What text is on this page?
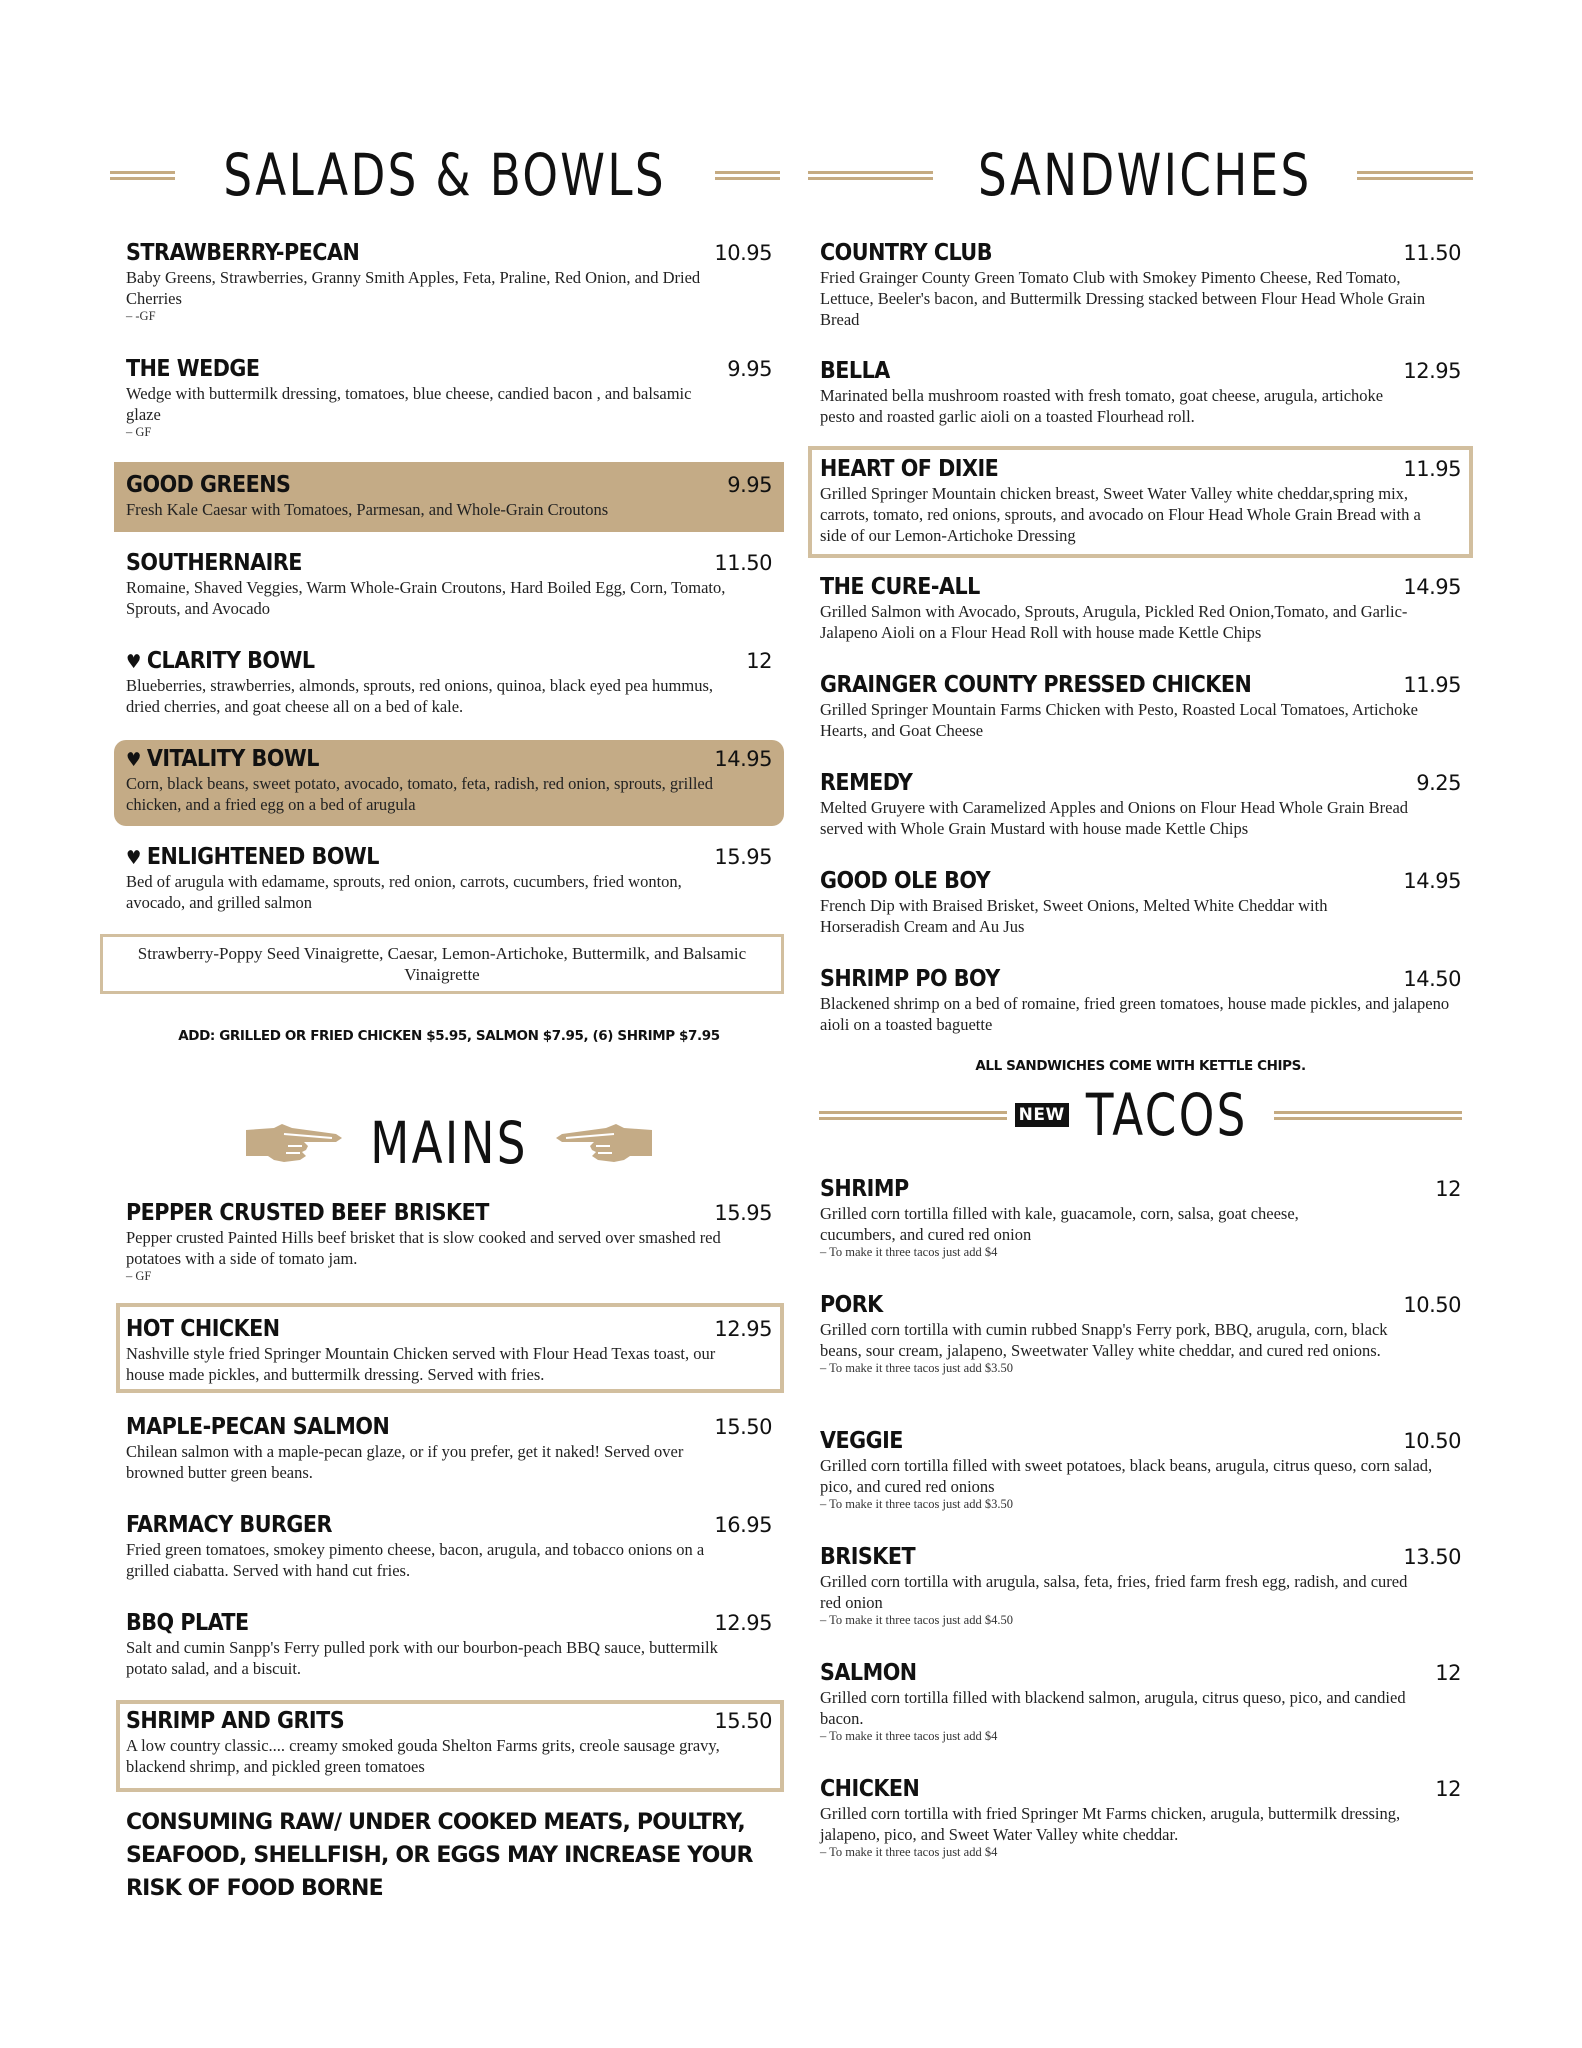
SALADS & BOWLS
STRAWBERRY-PECAN	10.95
Baby Greens, Strawberries, Granny Smith Apples, Feta, Praline, Red Onion, and Dried Cherries
– -GF
THE WEDGE	9.95
Wedge with buttermilk dressing, tomatoes, blue cheese, candied bacon , and balsamic glaze
– GF
GOOD GREENS	9.95
Fresh Kale Caesar with Tomatoes, Parmesan, and Whole-Grain Croutons
SOUTHERNAIRE	11.50
Romaine, Shaved Veggies, Warm Whole-Grain Croutons, Hard Boiled Egg, Corn, Tomato, Sprouts, and Avocado
♥ CLARITY BOWL	12
Blueberries, strawberries, almonds, sprouts, red onions, quinoa, black eyed pea hummus, dried cherries, and goat cheese all on a bed of kale.
♥ VITALITY BOWL	14.95
Corn, black beans, sweet potato, avocado, tomato, feta, radish, red onion, sprouts, grilled chicken, and a fried egg on a bed of arugula
♥ ENLIGHTENED BOWL	15.95
Bed of arugula with edamame, sprouts, red onion, carrots, cucumbers, fried wonton, avocado, and grilled salmon
Strawberry-Poppy Seed Vinaigrette, Caesar, Lemon-Artichoke, Buttermilk, and Balsamic Vinaigrette
ADD: GRILLED OR FRIED CHICKEN $5.95, SALMON $7.95, (6) SHRIMP $7.95
MAINS
PEPPER CRUSTED BEEF BRISKET	15.95
Pepper crusted Painted Hills beef brisket that is slow cooked and served over smashed red potatoes with a side of tomato jam.
– GF
HOT CHICKEN	12.95
Nashville style fried Springer Mountain Chicken served with Flour Head Texas toast, our house made pickles, and buttermilk dressing. Served with fries.
MAPLE-PECAN SALMON	15.50
Chilean salmon with a maple-pecan glaze, or if you prefer, get it naked! Served over browned butter green beans.
FARMACY BURGER	16.95
Fried green tomatoes, smokey pimento cheese, bacon, arugula, and tobacco onions on a grilled ciabatta. Served with hand cut fries.
BBQ PLATE	12.95
Salt and cumin Sanpp's Ferry pulled pork with our bourbon-peach BBQ sauce, buttermilk potato salad, and a biscuit.
SHRIMP AND GRITS	15.50
A low country classic.... creamy smoked gouda Shelton Farms grits, creole sausage gravy, blackend shrimp, and pickled green tomatoes
CONSUMING RAW/ UNDER COOKED MEATS, POULTRY, SEAFOOD, SHELLFISH, OR EGGS MAY INCREASE YOUR RISK OF FOOD BORNE
SANDWICHES
COUNTRY CLUB	11.50
Fried Grainger County Green Tomato Club with Smokey Pimento Cheese, Red Tomato, Lettuce, Beeler's bacon, and Buttermilk Dressing stacked between Flour Head Whole Grain Bread
BELLA	12.95
Marinated bella mushroom roasted with fresh tomato, goat cheese, arugula, artichoke pesto and roasted garlic aioli on a toasted Flourhead roll.
HEART OF DIXIE	11.95
Grilled Springer Mountain chicken breast, Sweet Water Valley white cheddar,spring mix, carrots, tomato, red onions, sprouts, and avocado on Flour Head Whole Grain Bread with a side of our Lemon-Artichoke Dressing
THE CURE-ALL	14.95
Grilled Salmon with Avocado, Sprouts, Arugula, Pickled Red Onion,Tomato, and Garlic-Jalapeno Aioli on a Flour Head Roll with house made Kettle Chips
GRAINGER COUNTY PRESSED CHICKEN	11.95
Grilled Springer Mountain Farms Chicken with Pesto, Roasted Local Tomatoes, Artichoke Hearts, and Goat Cheese
REMEDY	9.25
Melted Gruyere with Caramelized Apples and Onions on Flour Head Whole Grain Bread served with Whole Grain Mustard with house made Kettle Chips
GOOD OLE BOY	14.95
French Dip with Braised Brisket, Sweet Onions, Melted White Cheddar with Horseradish Cream and Au Jus
SHRIMP PO BOY	14.50
Blackened shrimp on a bed of romaine, fried green tomatoes, house made pickles, and jalapeno aioli on a toasted baguette
ALL SANDWICHES COME WITH KETTLE CHIPS.
NEW TACOS
SHRIMP	12
Grilled corn tortilla filled with kale, guacamole, corn, salsa, goat cheese, cucumbers, and cured red onion
– To make it three tacos just add $4
PORK	10.50
Grilled corn tortilla with cumin rubbed Snapp's Ferry pork, BBQ, arugula, corn, black beans, sour cream, jalapeno, Sweetwater Valley white cheddar, and cured red onions.
– To make it three tacos just add $3.50
VEGGIE	10.50
Grilled corn tortilla filled with sweet potatoes, black beans, arugula, citrus queso, corn salad, pico, and cured red onions
– To make it three tacos just add $3.50
BRISKET	13.50
Grilled corn tortilla with arugula, salsa, feta, fries, fried farm fresh egg, radish, and cured red onion
– To make it three tacos just add $4.50
SALMON	12
Grilled corn tortilla filled with blackend salmon, arugula, citrus queso, pico, and candied bacon.
– To make it three tacos just add $4
CHICKEN	12
Grilled corn tortilla with fried Springer Mt Farms chicken, arugula, buttermilk dressing, jalapeno, pico, and Sweet Water Valley white cheddar.
– To make it three tacos just add $4
